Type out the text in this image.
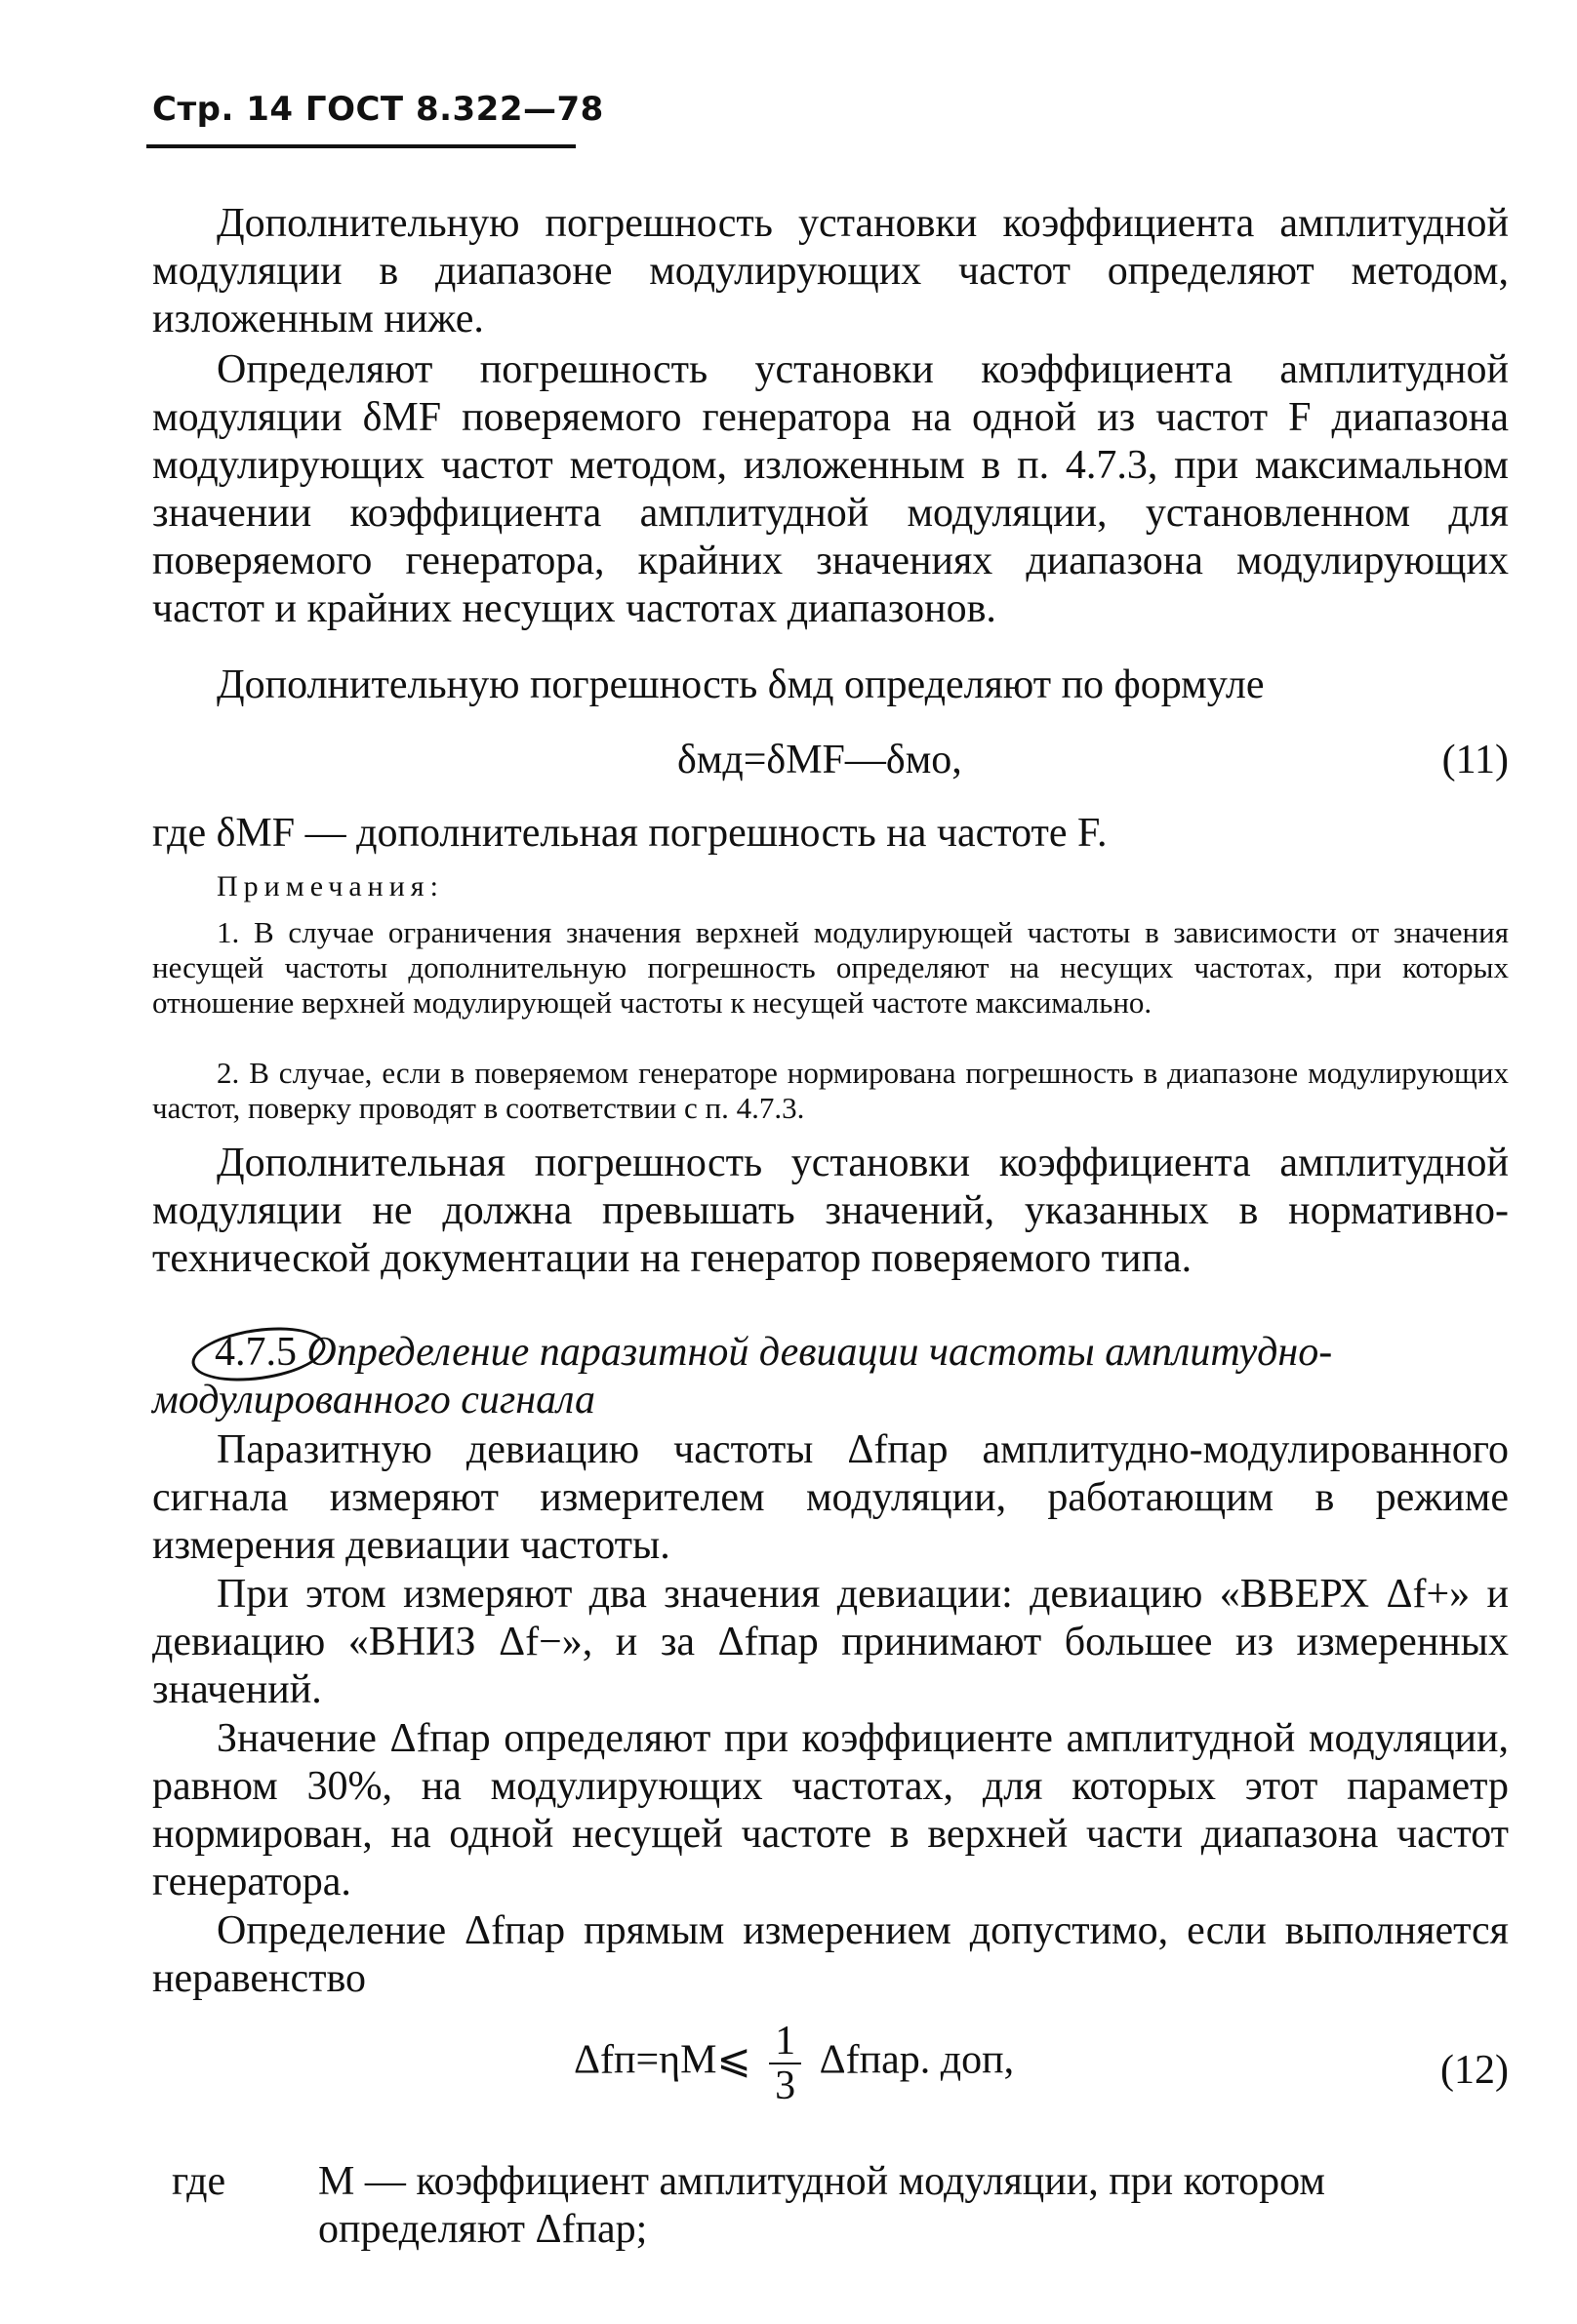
Стр. 14 ГОСТ 8.322—78
Дополнительную погрешность установки коэффициента амплитудной модуляции в диапазоне модулирующих частот определяют методом, изложенным ниже.
Определяют погрешность установки коэффициента амплитудной модуляции δMF поверяемого генератора на одной из частот F диапазона модулирующих частот методом, изложенным в п. 4.7.3, при максимальном значении коэффициента амплитудной модуляции, установленном для поверяемого генератора, крайних значениях диапазона модулирующих частот и крайних несущих частотах диапазонов.
Дополнительную погрешность δмд определяют по формуле
δмд=δMF—δмо,	(11)
где δMF — дополнительная погрешность на частоте F.
Примечания:
1. В случае ограничения значения верхней модулирующей частоты в зависимости от значения несущей частоты дополнительную погрешность определяют на несущих частотах, при которых отношение верхней модулирующей частоты к несущей частоте максимально.
2. В случае, если в поверяемом генераторе нормирована погрешность в диапазоне модулирующих частот, поверку проводят в соответствии с п. 4.7.3.
Дополнительная погрешность установки коэффициента амплитудной модуляции не должна превышать значений, указанных в нормативно-технической документации на генератор поверяемого типа.
4.7.5 Определение паразитной девиации частоты амплитудно-модулированного сигнала
Паразитную девиацию частоты Δfпар амплитудно-модулированного сигнала измеряют измерителем модуляции, работающим в режиме измерения девиации частоты.
При этом измеряют два значения девиации: девиацию «ВВЕРХ Δf+» и девиацию «ВНИЗ Δf−», и за Δfпар принимают большее из измеренных значений.
Значение Δfпар определяют при коэффициенте амплитудной модуляции, равном 30%, на модулирующих частотах, для которых этот параметр нормирован, на одной несущей частоте в верхней части диапазона частот генератора.
Определение Δfпар прямым измерением допустимо, если выполняется неравенство
Δfп=ηM⩽ $\frac{1}{3}$ Δfпар. доп,	(12)
где M — коэффициент амплитудной модуляции, при котором определяют Δfпар;
